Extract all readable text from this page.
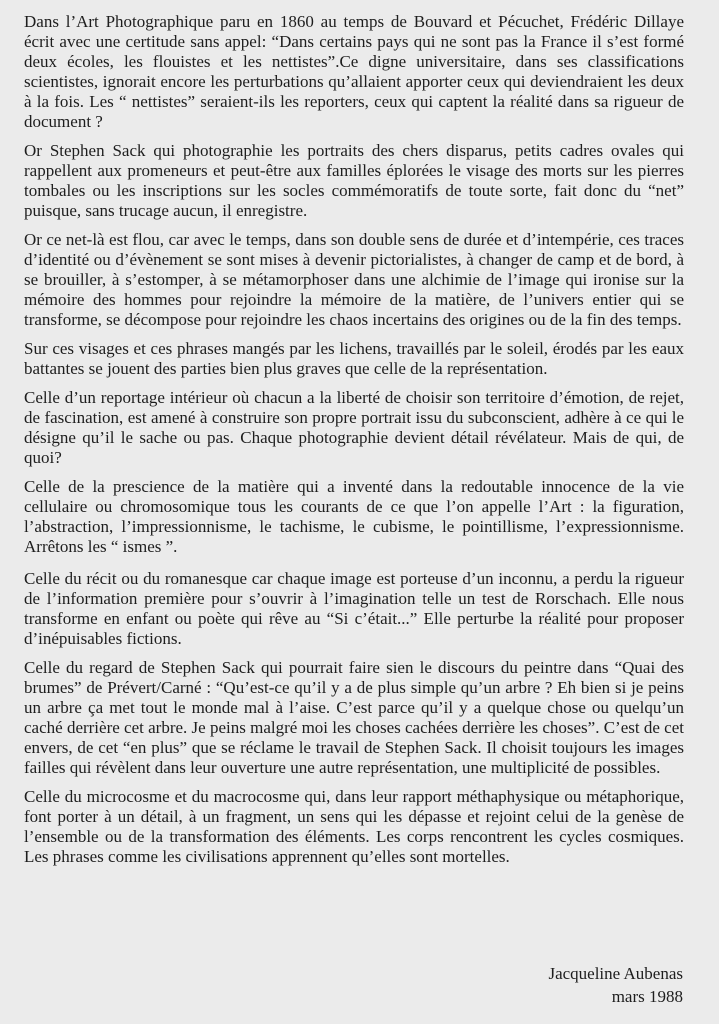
Dans l’Art Photographique paru en 1860 au temps de Bouvard et Pécuchet, Frédéric Dillaye écrit avec une certitude sans appel: “Dans certains pays qui ne sont pas la France il s’est formé deux écoles, les flouistes et les nettistes”.Ce digne universitaire, dans ses classifications scientistes, ignorait encore les perturbations qu’allaient apporter ceux qui deviendraient les deux à la fois. Les “ nettistes” seraient-ils les reporters, ceux qui captent la réalité dans sa rigueur de document ?

Or Stephen Sack qui photographie les portraits des chers disparus, petits cadres ovales qui rappellent aux promeneurs et peut-être aux familles éplorées le visage des morts sur les pierres tombales ou les inscriptions sur les socles commémoratifs de toute sorte, fait donc du “net” puisque, sans trucage aucun, il enregistre.

Or ce net-là est flou, car avec le temps, dans son double sens de durée et d’intempérie, ces traces d’identité ou d’évènement se sont mises à devenir pictorialistes, à changer de camp et de bord, à se brouiller, à s’estomper, à se métamorphoser dans une alchimie de l’image qui ironise sur la mémoire des hommes pour rejoindre la mémoire de la matière, de l’univers entier qui se transforme, se décompose pour rejoindre les chaos incertains des origines ou de la fin des temps.

Sur ces visages et ces phrases mangés par les lichens, travaillés par le soleil, érodés par les eaux battantes se jouent des parties bien plus graves que celle de la représentation.

Celle d’un reportage intérieur où chacun a la liberté de choisir son territoire d’émotion, de rejet, de fascination, est amené à construire son propre portrait issu du subconscient, adhère à ce qui le désigne qu’il le sache ou pas. Chaque photographie devient détail révélateur. Mais de qui, de quoi?

Celle de la prescience de la matière qui a inventé dans la redoutable innocence de la vie cellulaire ou chromosomique tous les courants de ce que l’on appelle l’Art : la figuration, l’abstraction, l’impressionnisme, le tachisme, le cubisme, le pointillisme, l’expressionnisme. Arrêtons les “ ismes ”.

Celle du récit ou du romanesque car chaque image est porteuse d’un inconnu, a perdu la rigueur de l’information première pour s’ouvrir à l’imagination telle un test de Rorschach. Elle nous transforme en enfant ou poète qui rêve au “Si c’était...” Elle perturbe la réalité pour proposer d’inépuisables fictions.

Celle du regard de Stephen Sack qui pourrait faire sien le discours du peintre dans “Quai des brumes” de Prévert/Carné : “Qu’est-ce qu’il y a de plus simple qu’un arbre ? Eh bien si je peins un arbre ça met tout le monde mal à l’aise. C’est parce qu’il y a quelque chose ou quelqu’un caché derrière cet arbre. Je peins malgré moi les choses cachées derrière les choses”. C’est de cet envers, de cet “en plus” que se réclame le travail de Stephen Sack. Il choisit toujours les images failles qui révèlent dans leur ouverture une autre représentation, une multiplicité de possibles.

Celle du microcosme et du macrocosme qui, dans leur rapport méthaphysique ou métaphorique, font porter à un détail, à un fragment, un sens qui les dépasse et rejoint celui de la genèse de l’ensemble ou de la transformation des éléments. Les corps rencontrent les cycles cosmiques. Les phrases comme les civilisations apprennent qu’elles sont mortelles.

Jacqueline Aubenas
mars 1988
